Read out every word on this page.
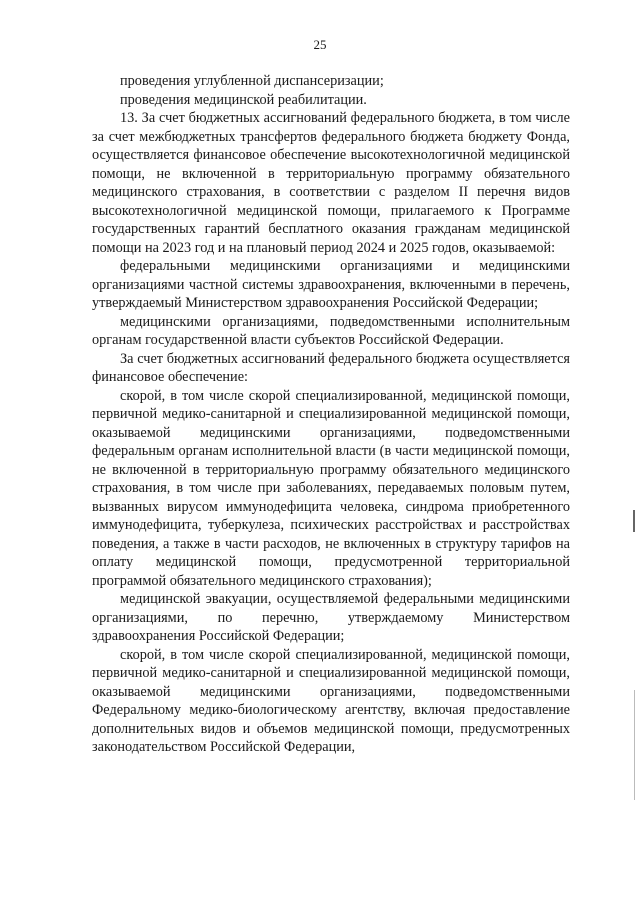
25

проведения углубленной диспансеризации;

проведения медицинской реабилитации.

13. За счет бюджетных ассигнований федерального бюджета, в том числе за счет межбюджетных трансфертов федерального бюджета бюджету Фонда, осуществляется финансовое обеспечение высокотехнологичной медицинской помощи, не включенной в территориальную программу обязательного медицинского страхования, в соответствии с разделом II перечня видов высокотехнологичной медицинской помощи, прилагаемого к Программе государственных гарантий бесплатного оказания гражданам медицинской помощи на 2023 год и на плановый период 2024 и 2025 годов, оказываемой:

федеральными медицинскими организациями и медицинскими организациями частной системы здравоохранения, включенными в перечень, утверждаемый Министерством здравоохранения Российской Федерации;

медицинскими организациями, подведомственными исполнительным органам государственной власти субъектов Российской Федерации.

За счет бюджетных ассигнований федерального бюджета осуществляется финансовое обеспечение:

скорой, в том числе скорой специализированной, медицинской помощи, первичной медико-санитарной и специализированной медицинской помощи, оказываемой медицинскими организациями, подведомственными федеральным органам исполнительной власти (в части медицинской помощи, не включенной в территориальную программу обязательного медицинского страхования, в том числе при заболеваниях, передаваемых половым путем, вызванных вирусом иммунодефицита человека, синдрома приобретенного иммунодефицита, туберкулеза, психических расстройствах и расстройствах поведения, а также в части расходов, не включенных в структуру тарифов на оплату медицинской помощи, предусмотренной территориальной программой обязательного медицинского страхования);

медицинской эвакуации, осуществляемой федеральными медицинскими организациями, по перечню, утверждаемому Министерством здравоохранения Российской Федерации;

скорой, в том числе скорой специализированной, медицинской помощи, первичной медико-санитарной и специализированной медицинской помощи, оказываемой медицинскими организациями, подведомственными Федеральному медико-биологическому агентству, включая предоставление дополнительных видов и объемов медицинской помощи, предусмотренных законодательством Российской Федерации,
